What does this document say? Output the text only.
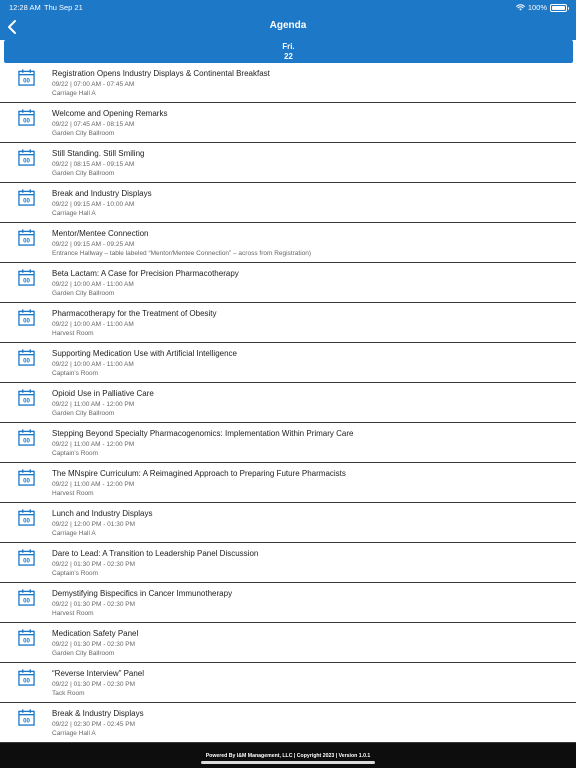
12:28 AM Thu Sep 21	100%
Agenda
Fri.
22
00
Registration Opens Industry Displays & Continental Breakfast
09/22 | 07:00 AM - 07:45 AM
Carriage Hall A
00
Welcome and Opening Remarks
09/22 | 07:45 AM - 08:15 AM
Garden City Ballroom
00
Still Standing. Still Smiling
09/22 | 08:15 AM - 09:15 AM
Garden City Ballroom
00
Break and Industry Displays
09/22 | 09:15 AM - 10:00 AM
Carriage Hall A
00
Mentor/Mentee Connection
09/22 | 09:15 AM - 09:25 AM
Entrance Hallway – table labeled “Mentor/Mentee Connection” – across from Registration)
00
Beta Lactam: A Case for Precision Pharmacotherapy
09/22 | 10:00 AM - 11:00 AM
Garden City Ballroom
00
Pharmacotherapy for the Treatment of Obesity
09/22 | 10:00 AM - 11:00 AM
Harvest Room
00
Supporting Medication Use with Artificial Intelligence
09/22 | 10:00 AM - 11:00 AM
Captain's Room
00
Opioid Use in Palliative Care
09/22 | 11:00 AM - 12:00 PM
Garden City Ballroom
00
Stepping Beyond Specialty Pharmacogenomics: Implementation Within Primary Care
09/22 | 11:00 AM - 12:00 PM
Captain's Room
00
The MNspire Curriculum: A Reimagined Approach to Preparing Future Pharmacists
09/22 | 11:00 AM - 12:00 PM
Harvest Room
00
Lunch and Industry Displays
09/22 | 12:00 PM - 01:30 PM
Carriage Hall A
00
Dare to Lead: A Transition to Leadership Panel Discussion
09/22 | 01:30 PM - 02:30 PM
Captain's Room
00
Demystifying Bispecifics in Cancer Immunotherapy
09/22 | 01:30 PM - 02:30 PM
Harvest Room
00
Medication Safety Panel
09/22 | 01:30 PM - 02:30 PM
Garden City Ballroom
00
“Reverse Interview” Panel
09/22 | 01:30 PM - 02:30 PM
Tack Room
00
Break & Industry Displays
09/22 | 02:30 PM - 02:45 PM
Carriage Hall A
Powered By I&M Management, LLC | Copyright 2023 | Version 1.0.1
